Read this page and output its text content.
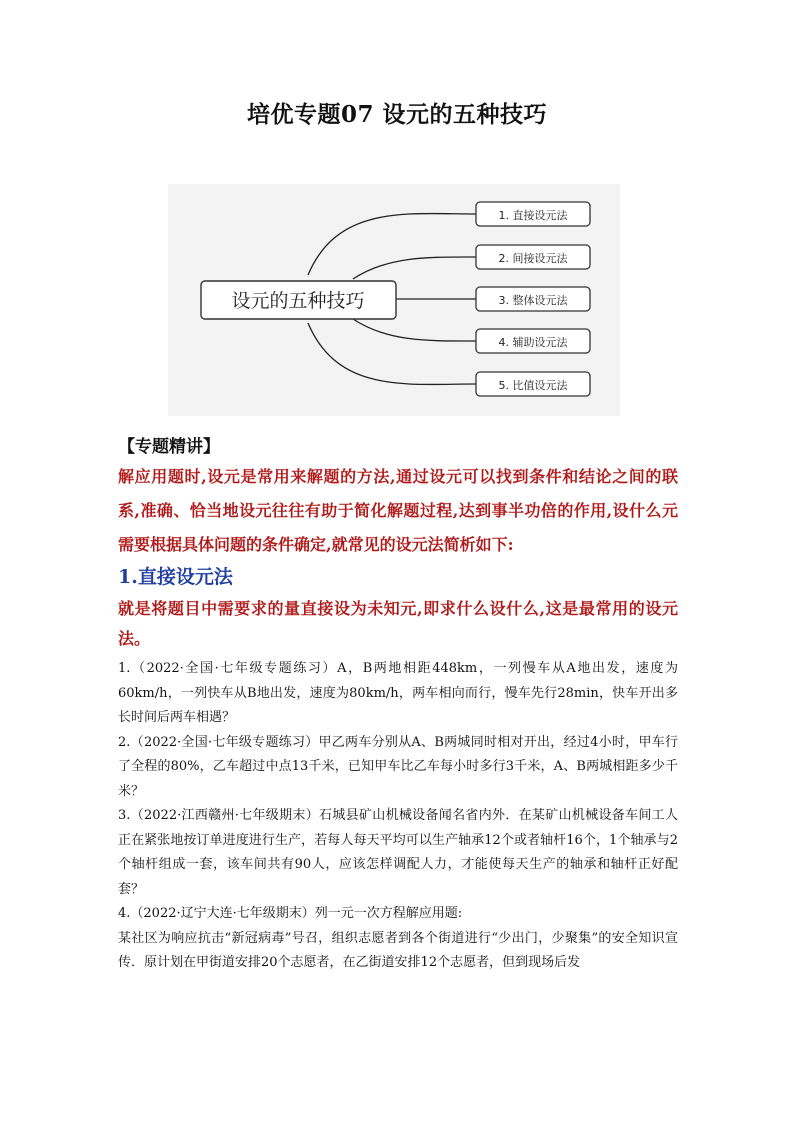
培优专题07 设元的五种技巧
设元的五种技巧
1. 直接设元法
2. 间接设元法
3. 整体设元法
4. 辅助设元法
5. 比值设元法
【专题精讲】
解应用题时,设元是常用来解题的方法,通过设元可以找到条件和结论之间的联系,准确、恰当地设元往往有助于简化解题过程,达到事半功倍的作用,设什么元需要根据具体问题的条件确定,就常见的设元法简析如下:
1.直接设元法
就是将题目中需要求的量直接设为未知元,即求什么设什么,这是最常用的设元法。

1.（2022·全国·七年级专题练习）A，B两地相距448km，一列慢车从A地出发，速度为60km/h，一列快车从B地出发，速度为80km/h，两车相向而行，慢车先行28min，快车开出多长时间后两车相遇？

2.（2022·全国·七年级专题练习）甲乙两车分别从A、B两城同时相对开出，经过4小时，甲车行了全程的80%，乙车超过中点13千米，已知甲车比乙车每小时多行3千米，A、B两城相距多少千米？

3.（2022·江西赣州·七年级期末）石城县矿山机械设备闻名省内外．在某矿山机械设备车间工人正在紧张地按订单进度进行生产，若每人每天平均可以生产轴承12个或者轴杆16个，1个轴承与2个轴杆组成一套，该车间共有90人，应该怎样调配人力，才能使每天生产的轴承和轴杆正好配套？

4.（2022·辽宁大连·七年级期末）列一元一次方程解应用题:

某社区为响应抗击“新冠病毒”号召，组织志愿者到各个街道进行“少出门，少聚集”的安全知识宣传．原计划在甲街道安排20个志愿者，在乙街道安排12个志愿者，但到现场后发
